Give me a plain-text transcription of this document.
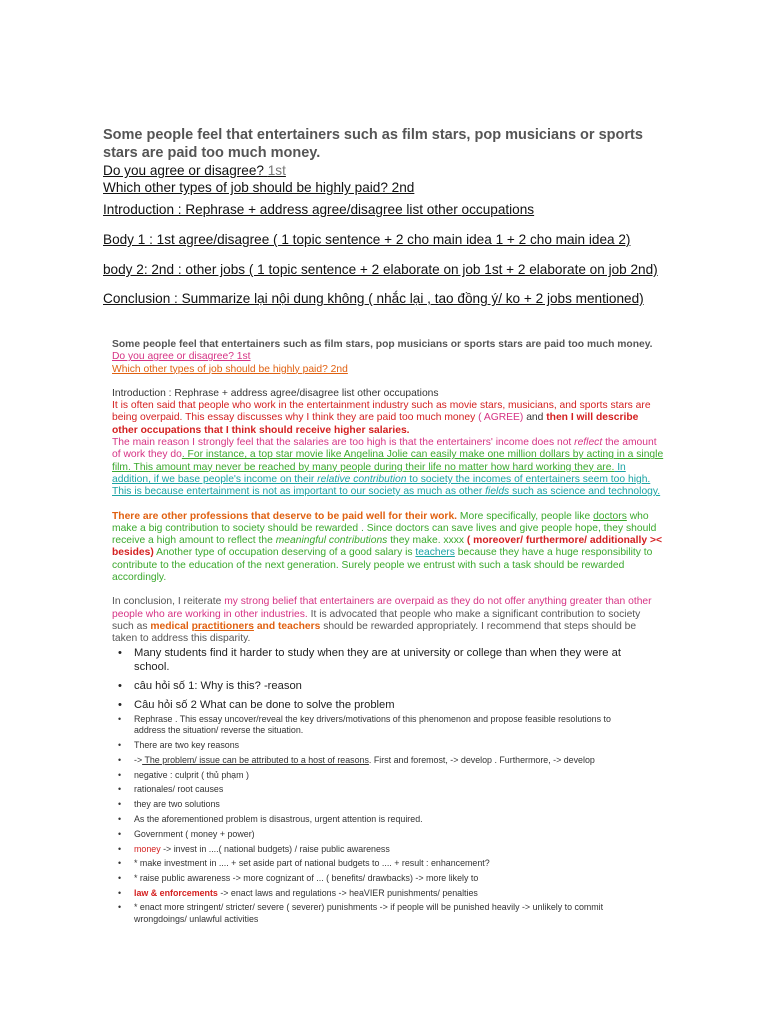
Some people feel that entertainers such as film stars, pop musicians or sports stars are paid too much money.
Do you agree or disagree? 1st
Which other types of job should be highly paid? 2nd
Introduction : Rephrase + address agree/disagree list other occupations
Body 1 : 1st agree/disagree ( 1 topic sentence + 2 cho main idea 1 + 2 cho main idea 2)
body 2: 2nd : other jobs ( 1 topic sentence + 2 elaborate on job 1st + 2 elaborate on job 2nd)
Conclusion : Summarize lại nội dung không ( nhắc lại , tao đồng ý/ ko + 2 jobs mentioned)

Some people feel that entertainers such as film stars, pop musicians or sports stars are paid too much money.

Do you agree or disagree? 1st

Which other types of job should be highly paid? 2nd

Introduction : Rephrase + address agree/disagree list other occupations

It is often said that people who work in the entertainment industry such as movie stars, musicians, and sports stars are being overpaid. This essay discusses why I think they are paid too much money ( AGREE) and then I will describe other occupations that I think should receive higher salaries.

The main reason I strongly feel that the salaries are too high is that the entertainers' income does not reflect the amount of work they do. For instance, a top star movie like Angelina Jolie can easily make one million dollars by acting in a single film. This amount may never be reached by many people during their life no matter how hard working they are. In addition, if we base people's income on their relative contribution to society the incomes of entertainers seem too high. This is because entertainment is not as important to our society as much as other fields such as science and technology.

There are other professions that deserve to be paid well for their work. More specifically, people like doctors who make a big contribution to society should be rewarded . Since doctors can save lives and give people hope, they should receive a high amount to reflect the meaningful contributions they make. xxxx ( moreover/ furthermore/ additionally >< besides) Another type of occupation deserving of a good salary is teachers because they have a huge responsibility to contribute to the education of the next generation. Surely people we entrust with such a task should be rewarded accordingly.

In conclusion, I reiterate my strong belief that entertainers are overpaid as they do not offer anything greater than other people who are working in other industries. It is advocated that people who make a significant contribution to society such as medical practitioners and teachers should be rewarded appropriately. I recommend that steps should be taken to address this disparity.

• Many students find it harder to study when they are at university or college than when they were at school.
• câu hỏi số 1: Why is this? -reason
• Câu hỏi số 2 What can be done to solve the problem
• Rephrase . This essay uncover/reveal the key drivers/motivations of this phenomenon and propose feasible resolutions to address the situation/ reverse the situation.
• There are two key reasons
• -> The problem/ issue can be attributed to a host of reasons. First and foremost, -> develop . Furthermore, -> develop
• negative : culprit ( thủ phạm )
• rationales/ root causes
• they are two solutions
• As the aforementioned problem is disastrous, urgent attention is required.
• Government ( money + power)
• money -> invest in ....( national budgets) / raise public awareness
• * make investment in .... + set aside part of national budgets to .... + result : enhancement?
• * raise public awareness -> more cognizant of ... ( benefits/ drawbacks) -> more likely to
• law & enforcements -> enact laws and regulations -> heaVIER punishments/ penalties
• * enact more stringent/ stricter/ severe ( severer) punishments -> if people will be punished heavily -> unlikely to commit wrongdoings/ unlawful activities
